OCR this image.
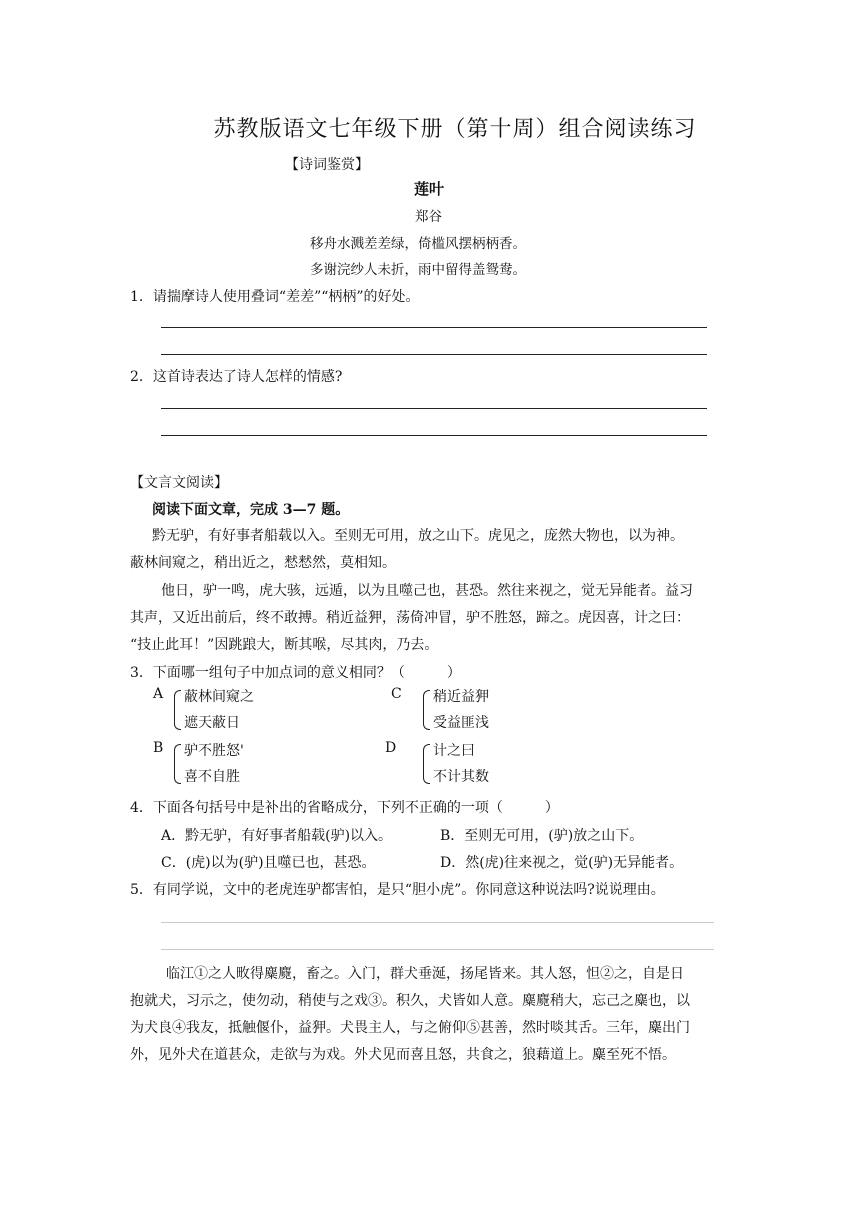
苏教版语文七年级下册（第十周）组合阅读练习
【诗词鉴赏】
莲叶
郑谷
移舟水溅差差绿，倚槛风摆柄柄香。
多谢浣纱人未折，雨中留得盖鸳鸯。
1．请揣摩诗人使用叠词“差差”“柄柄”的好处。
2．这首诗表达了诗人怎样的情感?
【文言文阅读】
阅读下面文章，完成 3—7 题。
黔无驴，有好事者船载以入。至则无可用，放之山下。虎见之，庞然大物也，以为神。
蔽林间窥之，稍出近之，慭慭然，莫相知。
他日，驴一鸣，虎大骇，远遁，以为且噬己也，甚恐。然往来视之，觉无异能者。益习
其声，又近出前后，终不敢搏。稍近益狎，荡倚冲冒，驴不胜怒，蹄之。虎因喜，计之曰：
“技止此耳！”因跳踉大，断其喉，尽其肉，乃去。
3．下面哪一组句子中加点词的意义相同？（　　　）
A 蔽林间窥之
遮天蔽日
C 稍近益狎
受益匪浅
B 驴不胜怒'
喜不自胜
D	计之曰
不计其数
4．下面各句括号中是补出的省略成分，下列不正确的一项（　　　）
A．黔无驴，有好事者船载(驴)以入。	B．至则无可用，(驴)放之山下。
C．(虎)以为(驴)且噬已也，甚恐。	D．然(虎)往来视之，觉(驴)无异能者。
5．有同学说，文中的老虎连驴都害怕，是只“胆小虎”。你同意这种说法吗?说说理由。
临江①之人畋得麋麑，畜之。入门，群犬垂涎，扬尾皆来。其人怒，怛②之，自是日
抱就犬，习示之，使勿动，稍使与之戏③。积久，犬皆如人意。麋麑稍大，忘己之麋也，以
为犬良④我友，抵触偃仆，益狎。犬畏主人，与之俯仰⑤甚善，然时啖其舌。三年，麋出门
外，见外犬在道甚众，走欲与为戏。外犬见而喜且怒，共食之，狼藉道上。麋至死不悟。
